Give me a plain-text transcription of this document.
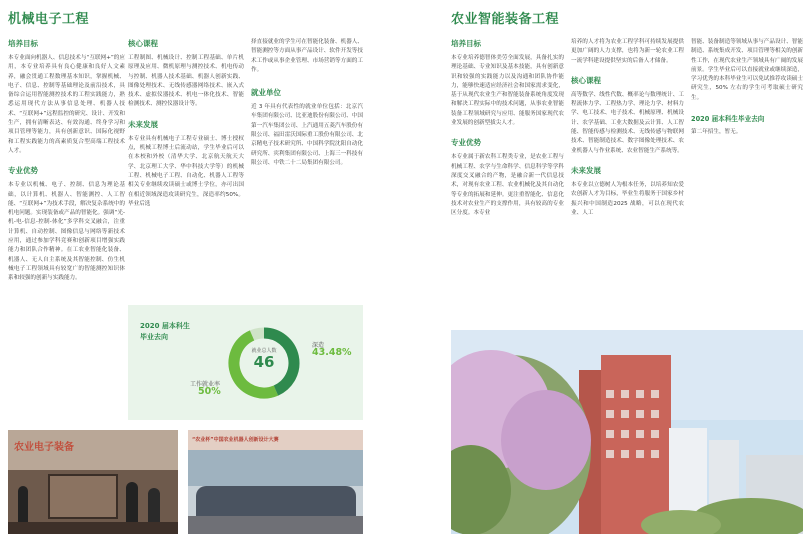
机械电子工程
培养目标
本专业面向机器人、信息技术与“互联网+”的应用，本专业培养具有良心健康和良好人文素养，融会贯通工程数理基本知识，掌握机械、电子、信息、控制等基础理论及前沿技术，具备综合运用智能测控技术的工程实践能力，熟悉运用现代方法从事信息处理、机器人技术、“互联网+”远程监控的研究、设计、开发和生产，拥有清晰表达、有效沟通、终身学习和项目管理等能力，具有创新意识、国际化视野和工程实践能力的高素质复合型高端工程技术人才。
专业优势
本专业以机械、电子、控制、信息为理论基础，以计算机、机器人、智能测控、人工智能、“互联网+”为技术手段，解决复杂系统中的机电问题。实现装备或产品的智能化。强调“光-机-电-信息-控制-体化”多学科交叉融合，注重计算机、自动控制、图像信息与网络等新技术应用，通过参加学科竞赛和创新项目增强实践能力和团队合作精神。在工农业智能化装备、机器人、无人自主系统及其智能控制、仿生机械电子工程领域具有较宽广的智能测控知识体系和较强的创新与实践能力。
核心课程
工程制图、机械设计、控制工程基础、单片机原理及应用、微机原理与测控技术、机电传动与控制、机器人技术基础、机器人创新实践、图像处理技术、无线传感器网络技术、嵌入式技术、虚拟仪器技术、机电一体化技术、智能检测技术、测控仪器设计等。
未来发展
本专业具有机械电子工程专业硕士、博士授权点，机械工程博士后流动站，学生毕业后可以在本校和外校（清华大学、北京航天航天大学、北京理工大学、华中科技大学等）的机械工程、机械电子工程、自动化、机器人工程等相关专业继续攻读硕士或博士学位，亦可出国在相近领域深造攻读研究生，深造率约50%。毕业后选
择直接就业的学生可在智能化装备、机器人、智能测控等方面从事产品设计、软件开发等技术工作或从事企业管理、市场营销等方面的工作。
就业单位
近 3 年具有代表性的就业单位包括：北京汽车集团有限公司、比亚迪股份有限公司、中国第一汽车集团公司、上汽通用五菱汽车股份有限公司、福田雷沃国际重工股份有限公司、北京精电子技术研究所、中国科学院沈阳自动化研究所、宾利集团有限公司、上海三一科技有限公司、中铁二十二局集团有限公司。
2020 届本科生
毕业去向
就业总人数
46
深造
43.48%
工作就业率
50%
农业电子装备
“农业杯”中国农业机器人创新设计大赛
农业智能装备工程
培养目标
本专业培养德智体美劳全面发展，具备扎实的理论基础、专业知识及基本技能，具有创新意识和较强的实践能力以及沟通和团队协作能力，能够快速适应经济社会和国家需求变化，基于从现代农业生产和智能装备系统角度发现和解决工程实际中的技术问题，从事农业智能装备工程领域研究与应用、能服务国家现代农业发展的创新型拔尖人才。
专业优势
本专业属于新农科工程类专业，是农业工程与机械工程、农学与生命科学、信息科学等学科深度交叉融合的产物，是融合新一代信息技术，对现有农业工程、农业机械化及其自动化等专业的拓展和延伸。更注重智能化、信息化技术对农业生产的支撑作用，具有较高的专业区分度。本专业
培养的人才将为农业工程学科可持续发展提供更加广阔的人力支撑，也将为新一轮农业工程一流学科建设提供坚实的后备人才储备。
核心课程
高等数学、线性代数、概率论与数理统计、工程流体力学、工程热力学、理论力学、材料力学、电工技术、电子技术、机械原理、机械设计、农学基础、工业大数据及云计算、人工智能、智能传感与检测技术、无线传感与物联网技术、智能制造技术、数字图像处理技术、农业机器人与作业系统、农业智能生产系统等。
未来发展
本专业以立德树人为根本任务，以培养知农爱农创新人才为目标，毕业生将服务于国家乡村振兴和中国制造2025 战略，可以在现代农业、人工
智能、装备制造等领域从事与产品设计、智能制造、系统集成开发、项目管理等相关的创新性工作，在现代农业生产领域具有广阔的发展前景。学生毕业后可以直接就业或继续深造，学习优秀的本科毕业生可以免试推荐攻读硕士研究生，50% 左右的学生可考取硕士研究生。
2020 届本科生毕业去向
第二年招生，暂无。
